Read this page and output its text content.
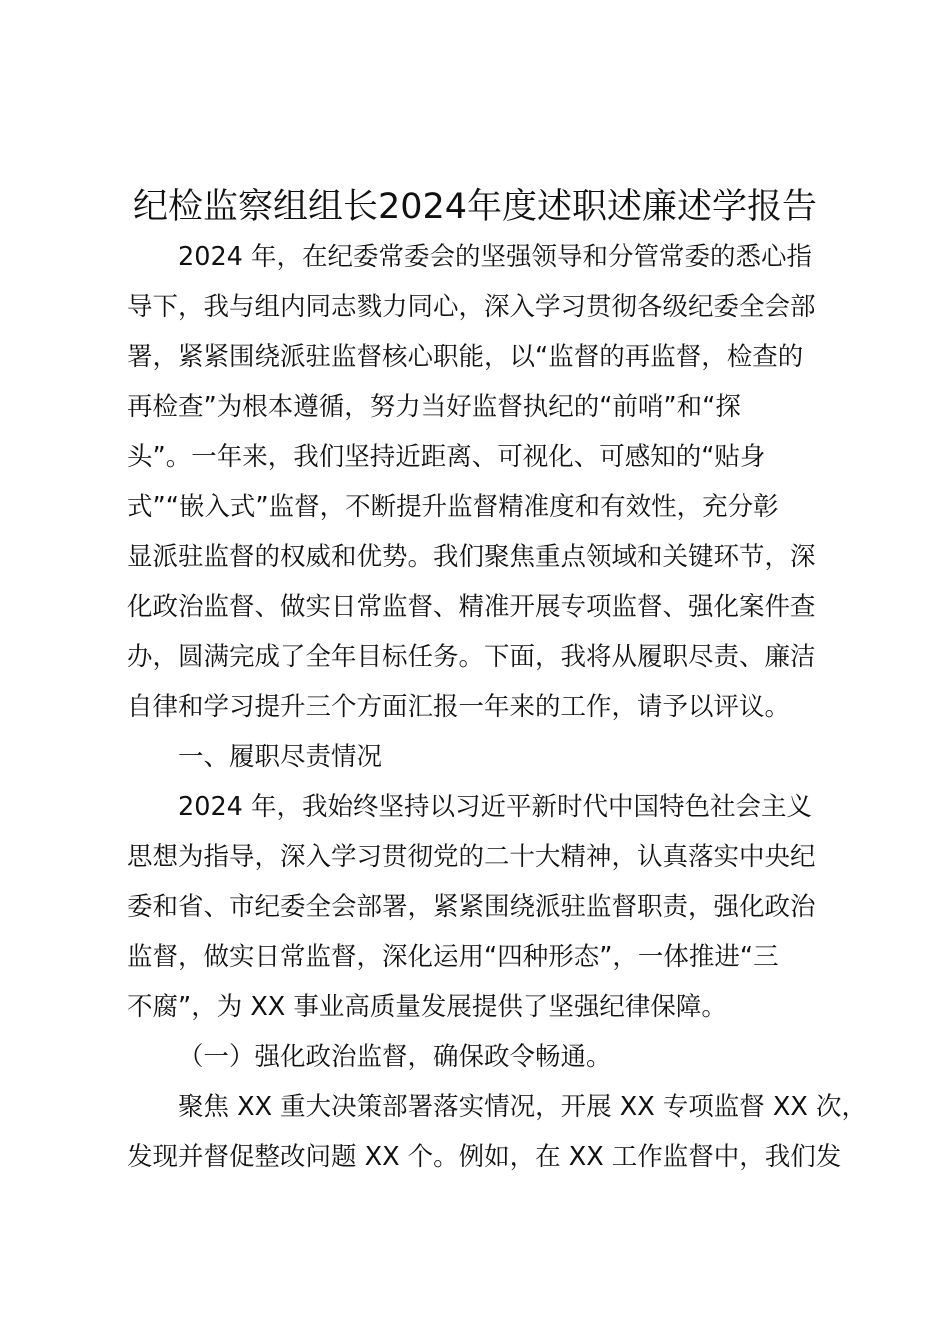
纪检监察组组长2024年度述职述廉述学报告
2024 年，在纪委常委会的坚强领导和分管常委的悉心指
导下，我与组内同志戮力同心，深入学习贯彻各级纪委全会部
署，紧紧围绕派驻监督核心职能，以“监督的再监督，检查的
再检查”为根本遵循，努力当好监督执纪的“前哨”和“探
头”。一年来，我们坚持近距离、可视化、可感知的“贴身
式”“嵌入式”监督，不断提升监督精准度和有效性，充分彰
显派驻监督的权威和优势。我们聚焦重点领域和关键环节，深
化政治监督、做实日常监督、精准开展专项监督、强化案件查
办，圆满完成了全年目标任务。下面，我将从履职尽责、廉洁
自律和学习提升三个方面汇报一年来的工作，请予以评议。
一、履职尽责情况
2024 年，我始终坚持以习近平新时代中国特色社会主义
思想为指导，深入学习贯彻党的二十大精神，认真落实中央纪
委和省、市纪委全会部署，紧紧围绕派驻监督职责，强化政治
监督，做实日常监督，深化运用“四种形态”，一体推进“三
不腐”，为 XX 事业高质量发展提供了坚强纪律保障。
（一）强化政治监督，确保政令畅通。
聚焦 XX 重大决策部署落实情况，开展 XX 专项监督 XX 次，
发现并督促整改问题 XX 个。例如，在 XX 工作监督中，我们发
